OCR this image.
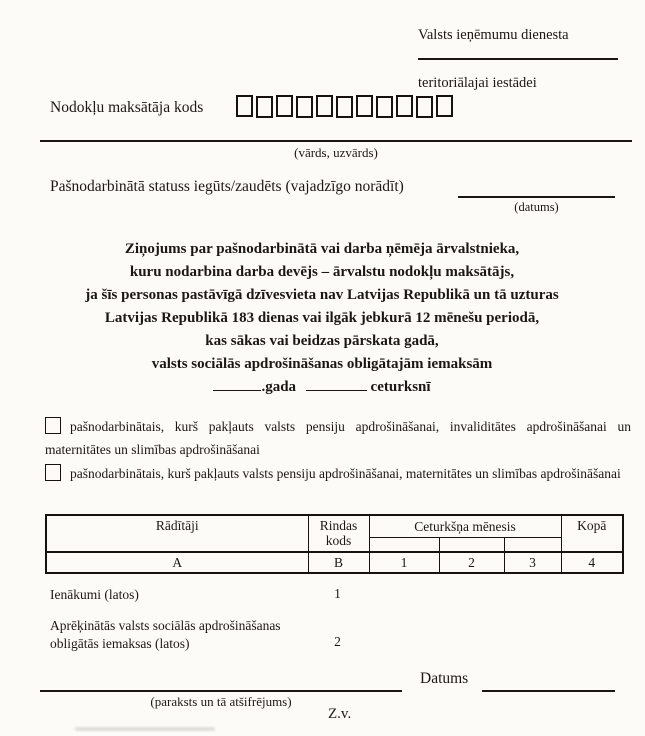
Valsts ieņēmumu dienesta

teritoriālajai iestādei

Nodokļu maksātāja kods

(vārds, uzvārds)

Pašnodarbinātā statuss iegūts/zaudēts (vajadzīgo norādīt)

(datums)

Ziņojums par pašnodarbinātā vai darba ņēmēja ārvalstnieka,
kuru nodarbina darba devējs – ārvalstu nodokļu maksātājs,
ja šīs personas pastāvīgā dzīvesvieta nav Latvijas Republikā un tā uzturas
Latvijas Republikā 183 dienas vai ilgāk jebkurā 12 mēnešu periodā,
kas sākas vai beidzas pārskata gadā,
valsts sociālās apdrošināšanas obligātajām iemaksām
.gada	ceturksnī

pašnodarbinātais, kurš pakļauts valsts pensiju apdrošināšanai, invaliditātes apdrošināšanai un maternitātes un slimības apdrošināšanai

pašnodarbinātais, kurš pakļauts valsts pensiju apdrošināšanai, maternitātes un slimības apdrošināšanai

Rādītāji	Rindas kods	Ceturkšņa mēnesis			Kopā

A	B	1	2	3	4

Ienākumi (latos)	1

Aprēķinātās valsts sociālās apdrošināšanas obligātās iemaksas (latos)	2

(paraksts un tā atšifrējums)

Datums

Z.v.
